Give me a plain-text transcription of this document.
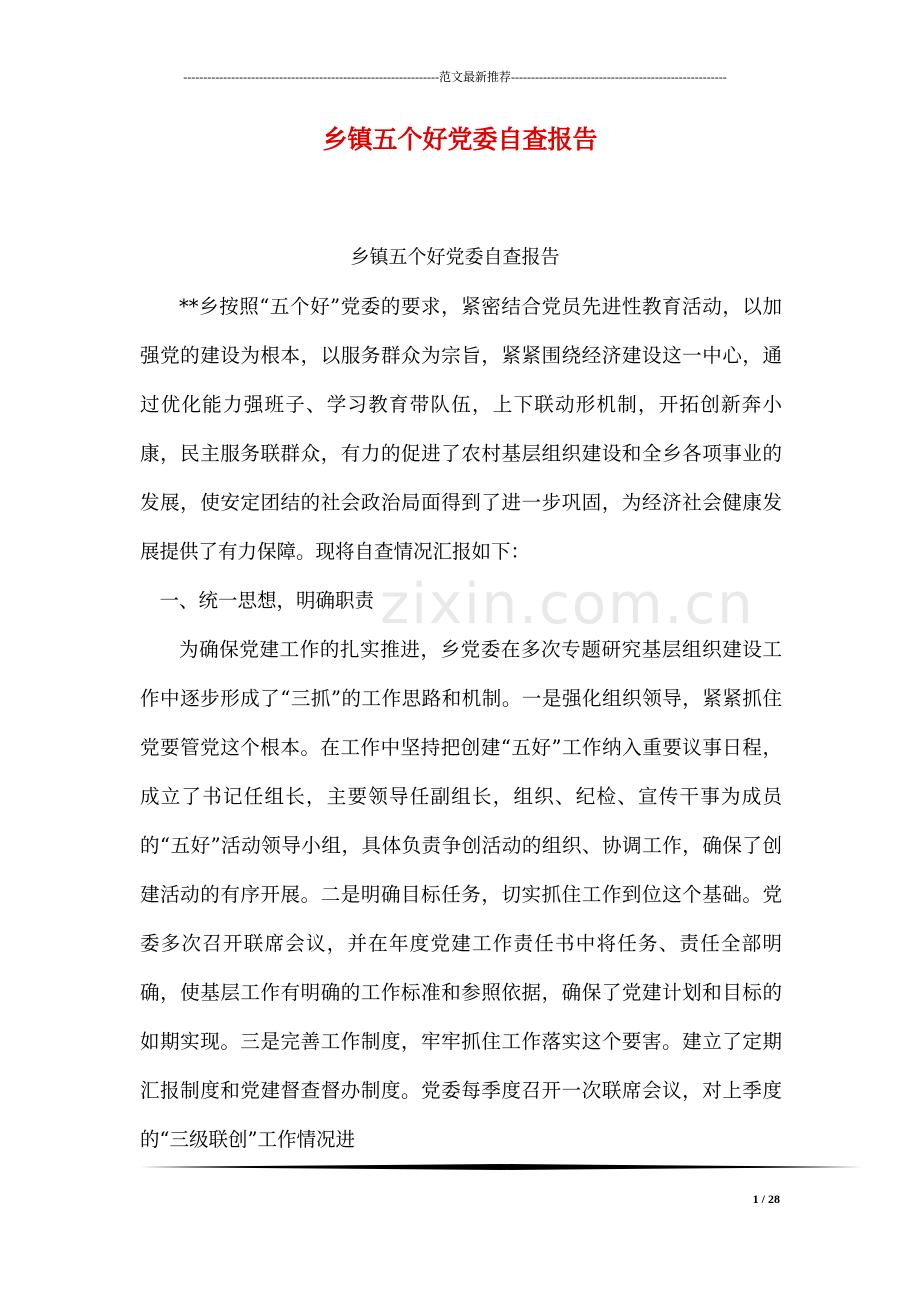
----------------------------------------------------------------范文最新推荐------------------------------------------------------
乡镇五个好党委自查报告
乡镇五个好党委自查报告

**乡按照“五个好”党委的要求，紧密结合党员先进性教育活动，以加强党的建设为根本，以服务群众为宗旨，紧紧围绕经济建设这一中心，通过优化能力强班子、学习教育带队伍，上下联动形机制，开拓创新奔小康，民主服务联群众，有力的促进了农村基层组织建设和全乡各项事业的发展，使安定团结的社会政治局面得到了进一步巩固，为经济社会健康发展提供了有力保障。现将自查情况汇报如下：

一、统一思想，明确职责

为确保党建工作的扎实推进，乡党委在多次专题研究基层组织建设工作中逐步形成了“三抓”的工作思路和机制。一是强化组织领导，紧紧抓住党要管党这个根本。在工作中坚持把创建“五好”工作纳入重要议事日程，成立了书记任组长，主要领导任副组长，组织、纪检、宣传干事为成员的“五好”活动领导小组，具体负责争创活动的组织、协调工作，确保了创建活动的有序开展。二是明确目标任务，切实抓住工作到位这个基础。党委多次召开联席会议，并在年度党建工作责任书中将任务、责任全部明确，使基层工作有明确的工作标准和参照依据，确保了党建计划和目标的如期实现。三是完善工作制度，牢牢抓住工作落实这个要害。建立了定期汇报制度和党建督查督办制度。党委每季度召开一次联席会议，对上季度的“三级联创”工作情况进

zixin.com.cn
1 / 28
